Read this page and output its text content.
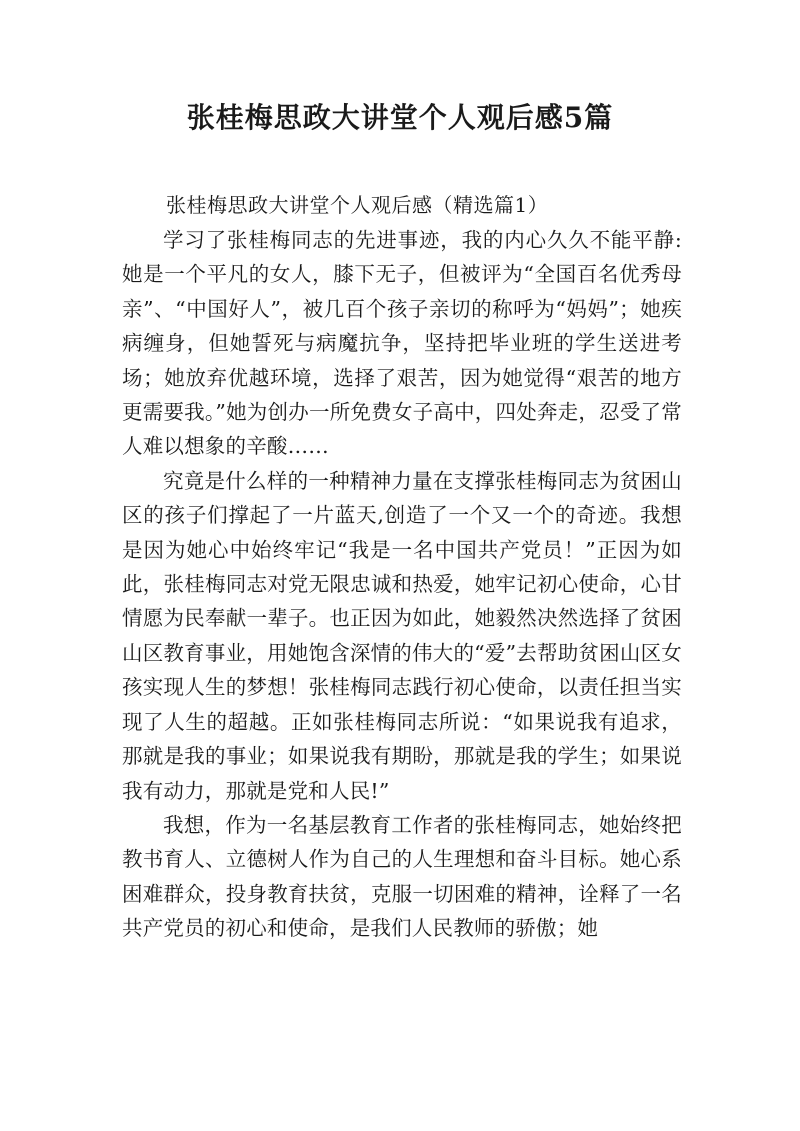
张桂梅思政大讲堂个人观后感5篇

张桂梅思政大讲堂个人观后感（精选篇1）

学习了张桂梅同志的先进事迹，我的内心久久不能平静:她是一个平凡的女人，膝下无子，但被评为“全国百名优秀母亲”、“中国好人”，被几百个孩子亲切的称呼为“妈妈”；她疾病缠身，但她誓死与病魔抗争，坚持把毕业班的学生送进考场；她放弃优越环境，选择了艰苦，因为她觉得“艰苦的地方更需要我。”她为创办一所免费女子高中，四处奔走，忍受了常人难以想象的辛酸……

究竟是什么样的一种精神力量在支撑张桂梅同志为贫困山区的孩子们撑起了一片蓝天,创造了一个又一个的奇迹。我想是因为她心中始终牢记“我是一名中国共产党员！”正因为如此，张桂梅同志对党无限忠诚和热爱，她牢记初心使命，心甘情愿为民奉献一辈子。也正因为如此，她毅然决然选择了贫困山区教育事业，用她饱含深情的伟大的“爱”去帮助贫困山区女孩实现人生的梦想！张桂梅同志践行初心使命，以责任担当实现了人生的超越。正如张桂梅同志所说：“如果说我有追求，那就是我的事业；如果说我有期盼，那就是我的学生；如果说我有动力，那就是党和人民!”

我想，作为一名基层教育工作者的张桂梅同志，她始终把教书育人、立德树人作为自己的人生理想和奋斗目标。她心系困难群众，投身教育扶贫，克服一切困难的精神，诠释了一名共产党员的初心和使命，是我们人民教师的骄傲；她
